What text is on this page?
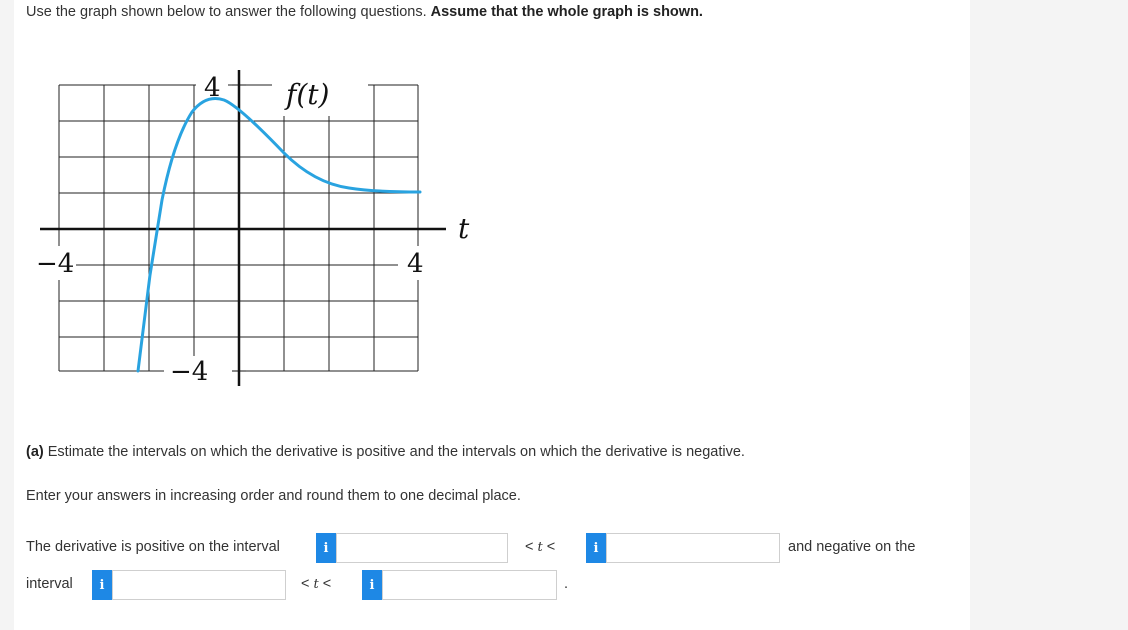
Use the graph shown below to answer the following questions. Assume that the whole graph is shown.
4 f(t)
−4	4
−4
t
(a) Estimate the intervals on which the derivative is positive and the intervals on which the derivative is negative.
Enter your answers in increasing order and round them to one decimal place.
The derivative is positive on the interval	i	< t <	i	and negative on the
interval	i	< t <	i	.
